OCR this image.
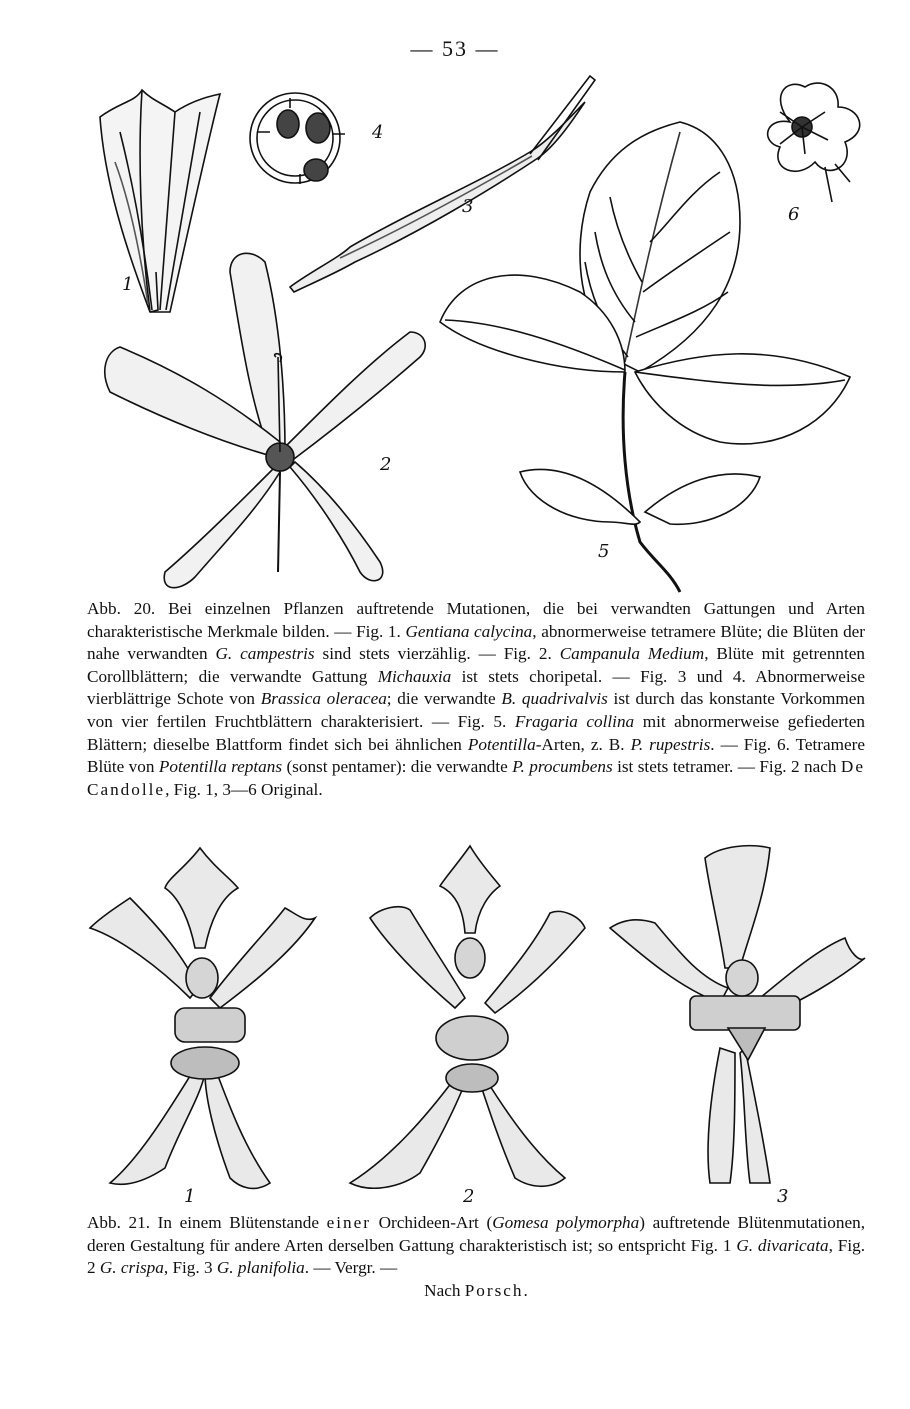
— 53 —
1
2
3
4
5
6
Abb. 20. Bei einzelnen Pflanzen auftretende Mutationen, die bei verwandten Gattungen und Arten charakteristische Merkmale bilden. — Fig. 1. Gentiana calycina, abnormerweise tetramere Blüte; die Blüten der nahe verwandten G. campestris sind stets vierzählig. — Fig. 2. Campanula Medium, Blüte mit getrennten Corollblättern; die verwandte Gattung Michauxia ist stets choripetal. — Fig. 3 und 4. Abnormerweise vierblättrige Schote von Brassica oleracea; die verwandte B. quadrivalvis ist durch das konstante Vorkommen von vier fertilen Fruchtblättern charakterisiert. — Fig. 5. Fragaria collina mit abnormerweise gefiederten Blättern; dieselbe Blattform findet sich bei ähnlichen Potentilla-Arten, z. B. P. rupestris. — Fig. 6. Tetramere Blüte von Potentilla reptans (sonst pentamer): die verwandte P. procumbens ist stets tetramer. — Fig. 2 nach De Candolle, Fig. 1, 3—6 Original.
1	2	3
Abb. 21. In einem Blütenstande einer Orchideen-Art (Gomesa polymorpha) auftretende Blütenmutationen, deren Gestaltung für andere Arten derselben Gattung charakteristisch ist; so entspricht Fig. 1 G. divaricata, Fig. 2 G. crispa, Fig. 3 G. planifolia. — Vergr. —
Nach Porsch.
